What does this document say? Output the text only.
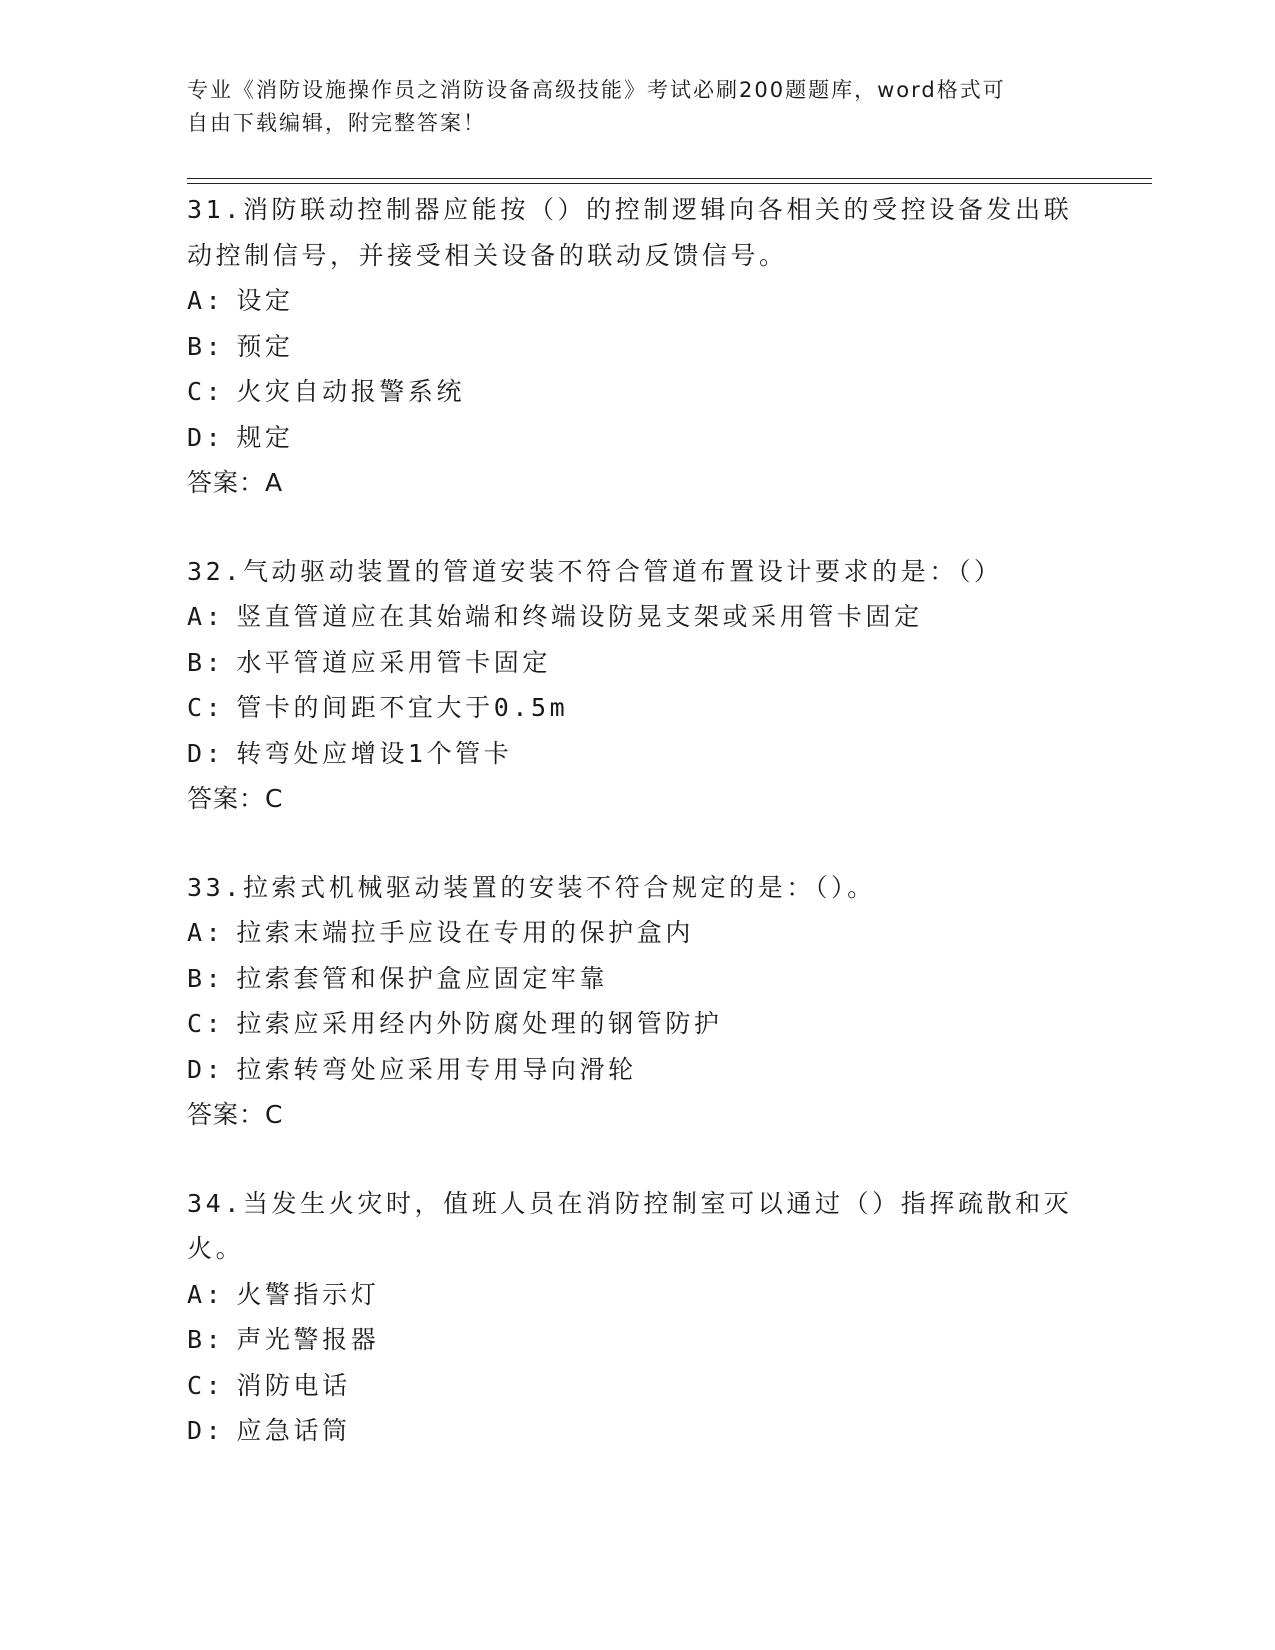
专业《消防设施操作员之消防设备高级技能》考试必刷200题题库，word格式可
自由下载编辑，附完整答案！
31.消防联动控制器应能按（）的控制逻辑向各相关的受控设备发出联
动控制信号，并接受相关设备的联动反馈信号。
A: 设定
B: 预定
C: 火灾自动报警系统
D: 规定
答案：A
32.气动驱动装置的管道安装不符合管道布置设计要求的是：（）
A: 竖直管道应在其始端和终端设防晃支架或采用管卡固定
B: 水平管道应采用管卡固定
C: 管卡的间距不宜大于0.5m
D: 转弯处应增设1个管卡
答案：C
33.拉索式机械驱动装置的安装不符合规定的是：（）。
A: 拉索末端拉手应设在专用的保护盒内
B: 拉索套管和保护盒应固定牢靠
C: 拉索应采用经内外防腐处理的钢管防护
D: 拉索转弯处应采用专用导向滑轮
答案：C
34.当发生火灾时，值班人员在消防控制室可以通过（）指挥疏散和灭
火。
A: 火警指示灯
B: 声光警报器
C: 消防电话
D: 应急话筒
